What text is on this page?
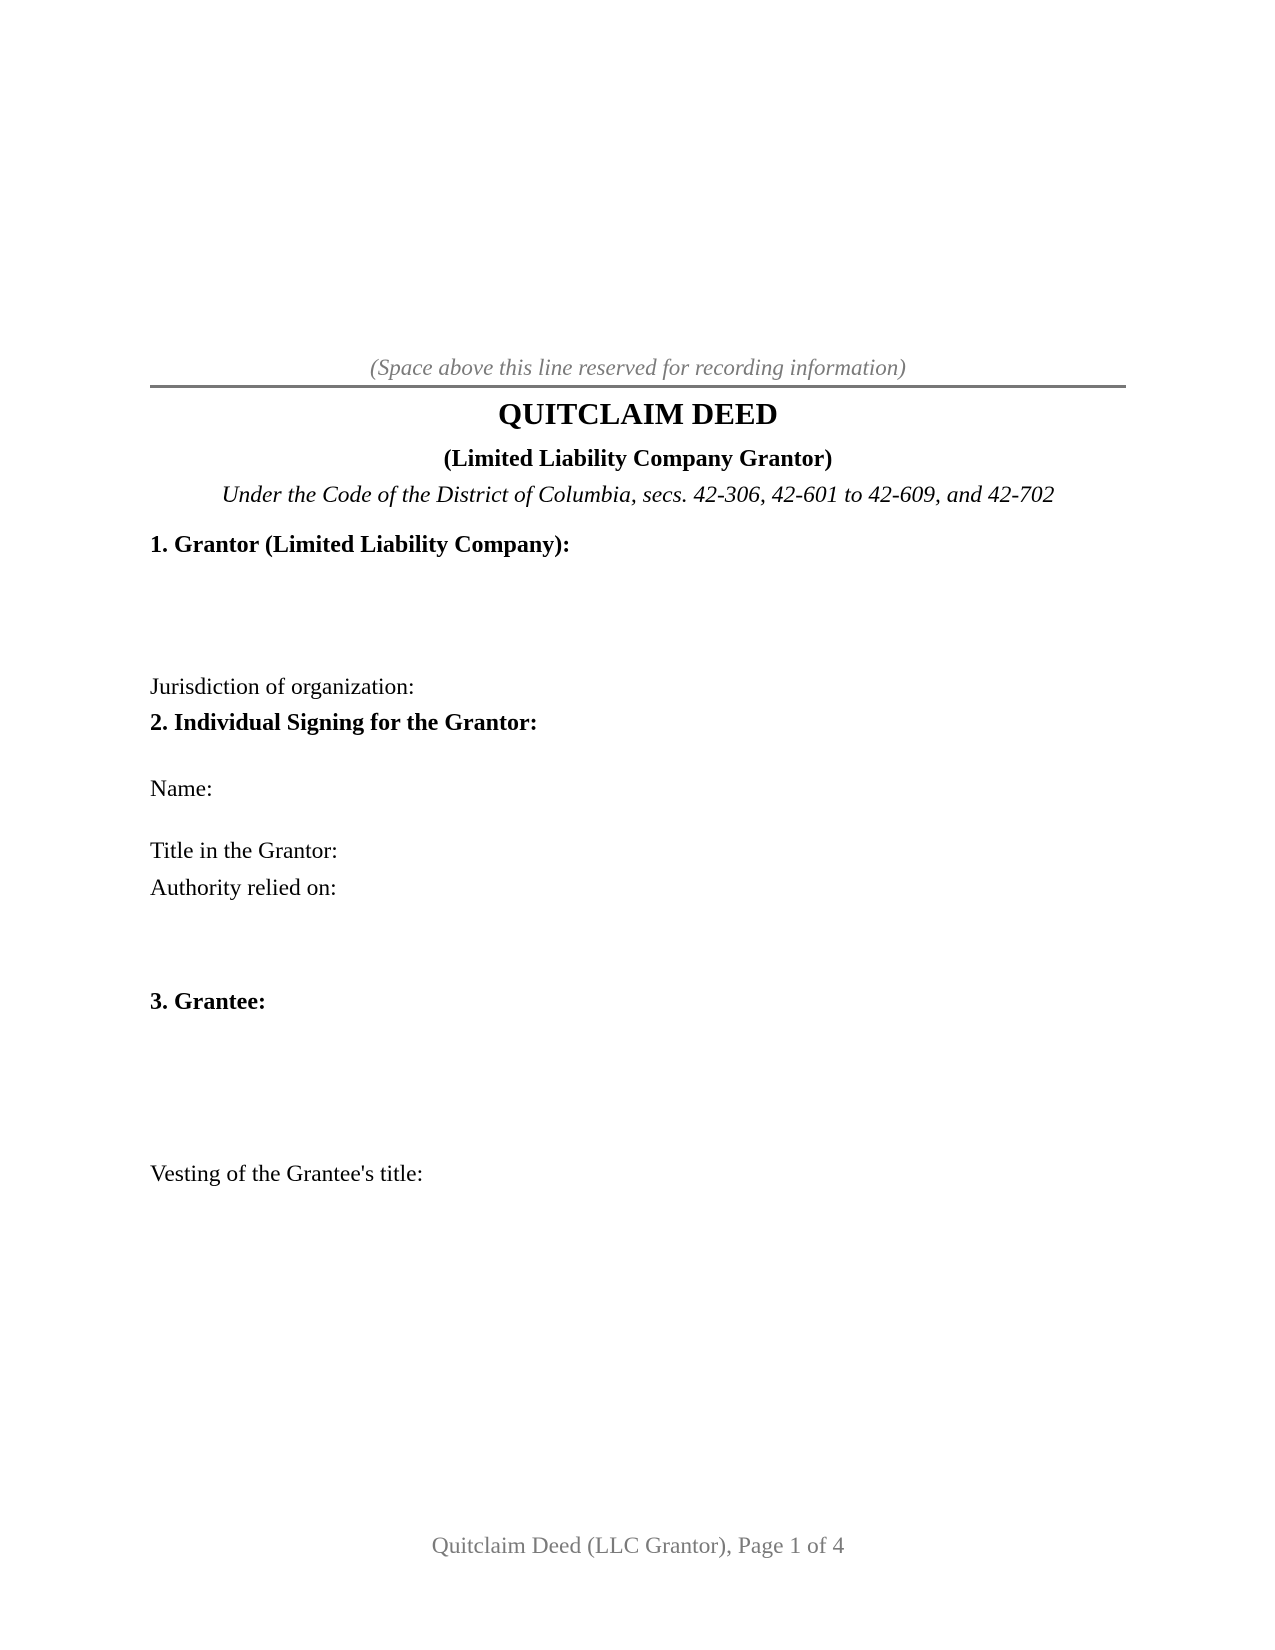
(Space above this line reserved for recording information)

QUITCLAIM DEED
(Limited Liability Company Grantor)

Under the Code of the District of Columbia, secs. 42-306, 42-601 to 42-609, and 42-702

1. Grantor (Limited Liability Company):

Jurisdiction of organization:

2. Individual Signing for the Grantor:

Name:

Title in the Grantor:

Authority relied on:

3. Grantee:

Vesting of the Grantee's title:

Quitclaim Deed (LLC Grantor), Page 1 of 4
